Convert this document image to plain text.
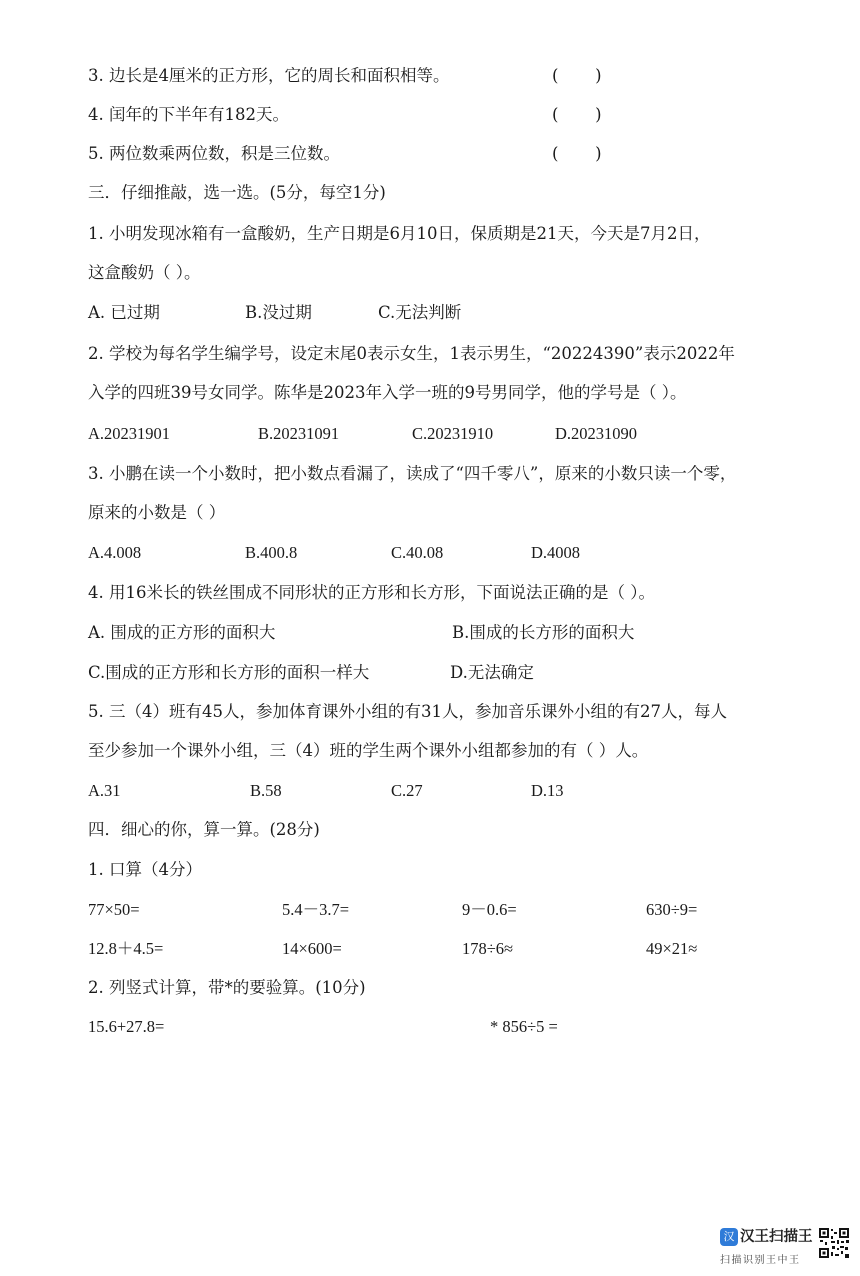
3. 边长是4厘米的正方形，它的周长和面积相等。	(       )
4. 闰年的下半年有182天。	(       )
5. 两位数乘两位数，积是三位数。	(       )
三．仔细推敲，选一选。(5分，每空1分)
1. 小明发现冰箱有一盒酸奶，生产日期是6月10日，保质期是21天，今天是7月2日，
这盒酸奶（ ）。
A. 已过期	B.没过期	C.无法判断
2. 学校为每名学生编学号，设定末尾0表示女生，1表示男生，“20224390”表示2022年
入学的四班39号女同学。陈华是2023年入学一班的9号男同学，他的学号是（ ）。
A.20231901	B.20231091	C.20231910	D.20231090
3. 小鹏在读一个小数时，把小数点看漏了，读成了“四千零八”，原来的小数只读一个零，
原来的小数是（ ）
A.4.008	B.400.8	C.40.08	D.4008
4. 用16米长的铁丝围成不同形状的正方形和长方形，下面说法正确的是（ ）。
A. 围成的正方形的面积大	B.围成的长方形的面积大
C.围成的正方形和长方形的面积一样大	D.无法确定
5. 三（4）班有45人，参加体育课外小组的有31人，参加音乐课外小组的有27人，每人
至少参加一个课外小组，三（4）班的学生两个课外小组都参加的有（ ）人。
A.31	B.58	C.27	D.13
四．细心的你，算一算。(28分)
1. 口算（4分）
77×50=	5.4－3.7=	9－0.6=	630÷9=
12.8＋4.5=	14×600=	178÷6≈	49×21≈
2. 列竖式计算，带*的要验算。(10分)
15.6+27.8=	* 856÷5 =
汉 汉王扫描王
扫描识别王中王
